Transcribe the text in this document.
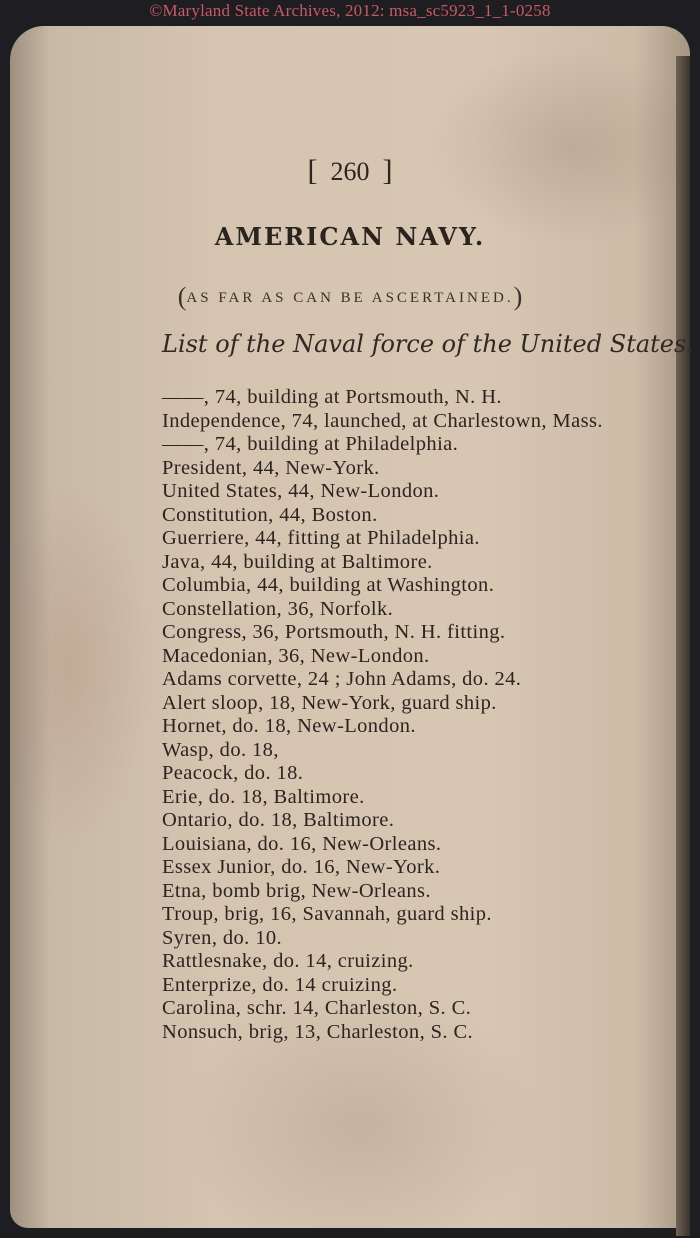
[ 260 ]
AMERICAN NAVY.
(AS FAR AS CAN BE ASCERTAINED.)
List of the Naval force of the United States.
——, 74, building at Portsmouth, N. H.
Independence, 74, launched, at Charlestown, Mass.
——, 74, building at Philadelphia.
President, 44, New-York.
United States, 44, New-London.
Constitution, 44, Boston.
Guerriere, 44, fitting at Philadelphia.
Java, 44, building at Baltimore.
Columbia, 44, building at Washington.
Constellation, 36, Norfolk.
Congress, 36, Portsmouth, N. H. fitting.
Macedonian, 36, New-London.
Adams corvette, 24 ; John Adams, do. 24.
Alert sloop, 18, New-York, guard ship.
Hornet, do. 18, New-London.
Wasp, do. 18,
Peacock, do. 18.
Erie, do. 18, Baltimore.
Ontario, do. 18, Baltimore.
Louisiana, do. 16, New-Orleans.
Essex Junior, do. 16, New-York.
Etna, bomb brig, New-Orleans.
Troup, brig, 16, Savannah, guard ship.
Syren, do. 10.
Rattlesnake, do. 14, cruizing.
Enterprize, do. 14 cruizing.
Carolina, schr. 14, Charleston, S. C.
Nonsuch, brig, 13, Charleston, S. C.
©Maryland State Archives, 2012: msa_sc5923_1_1-0258
